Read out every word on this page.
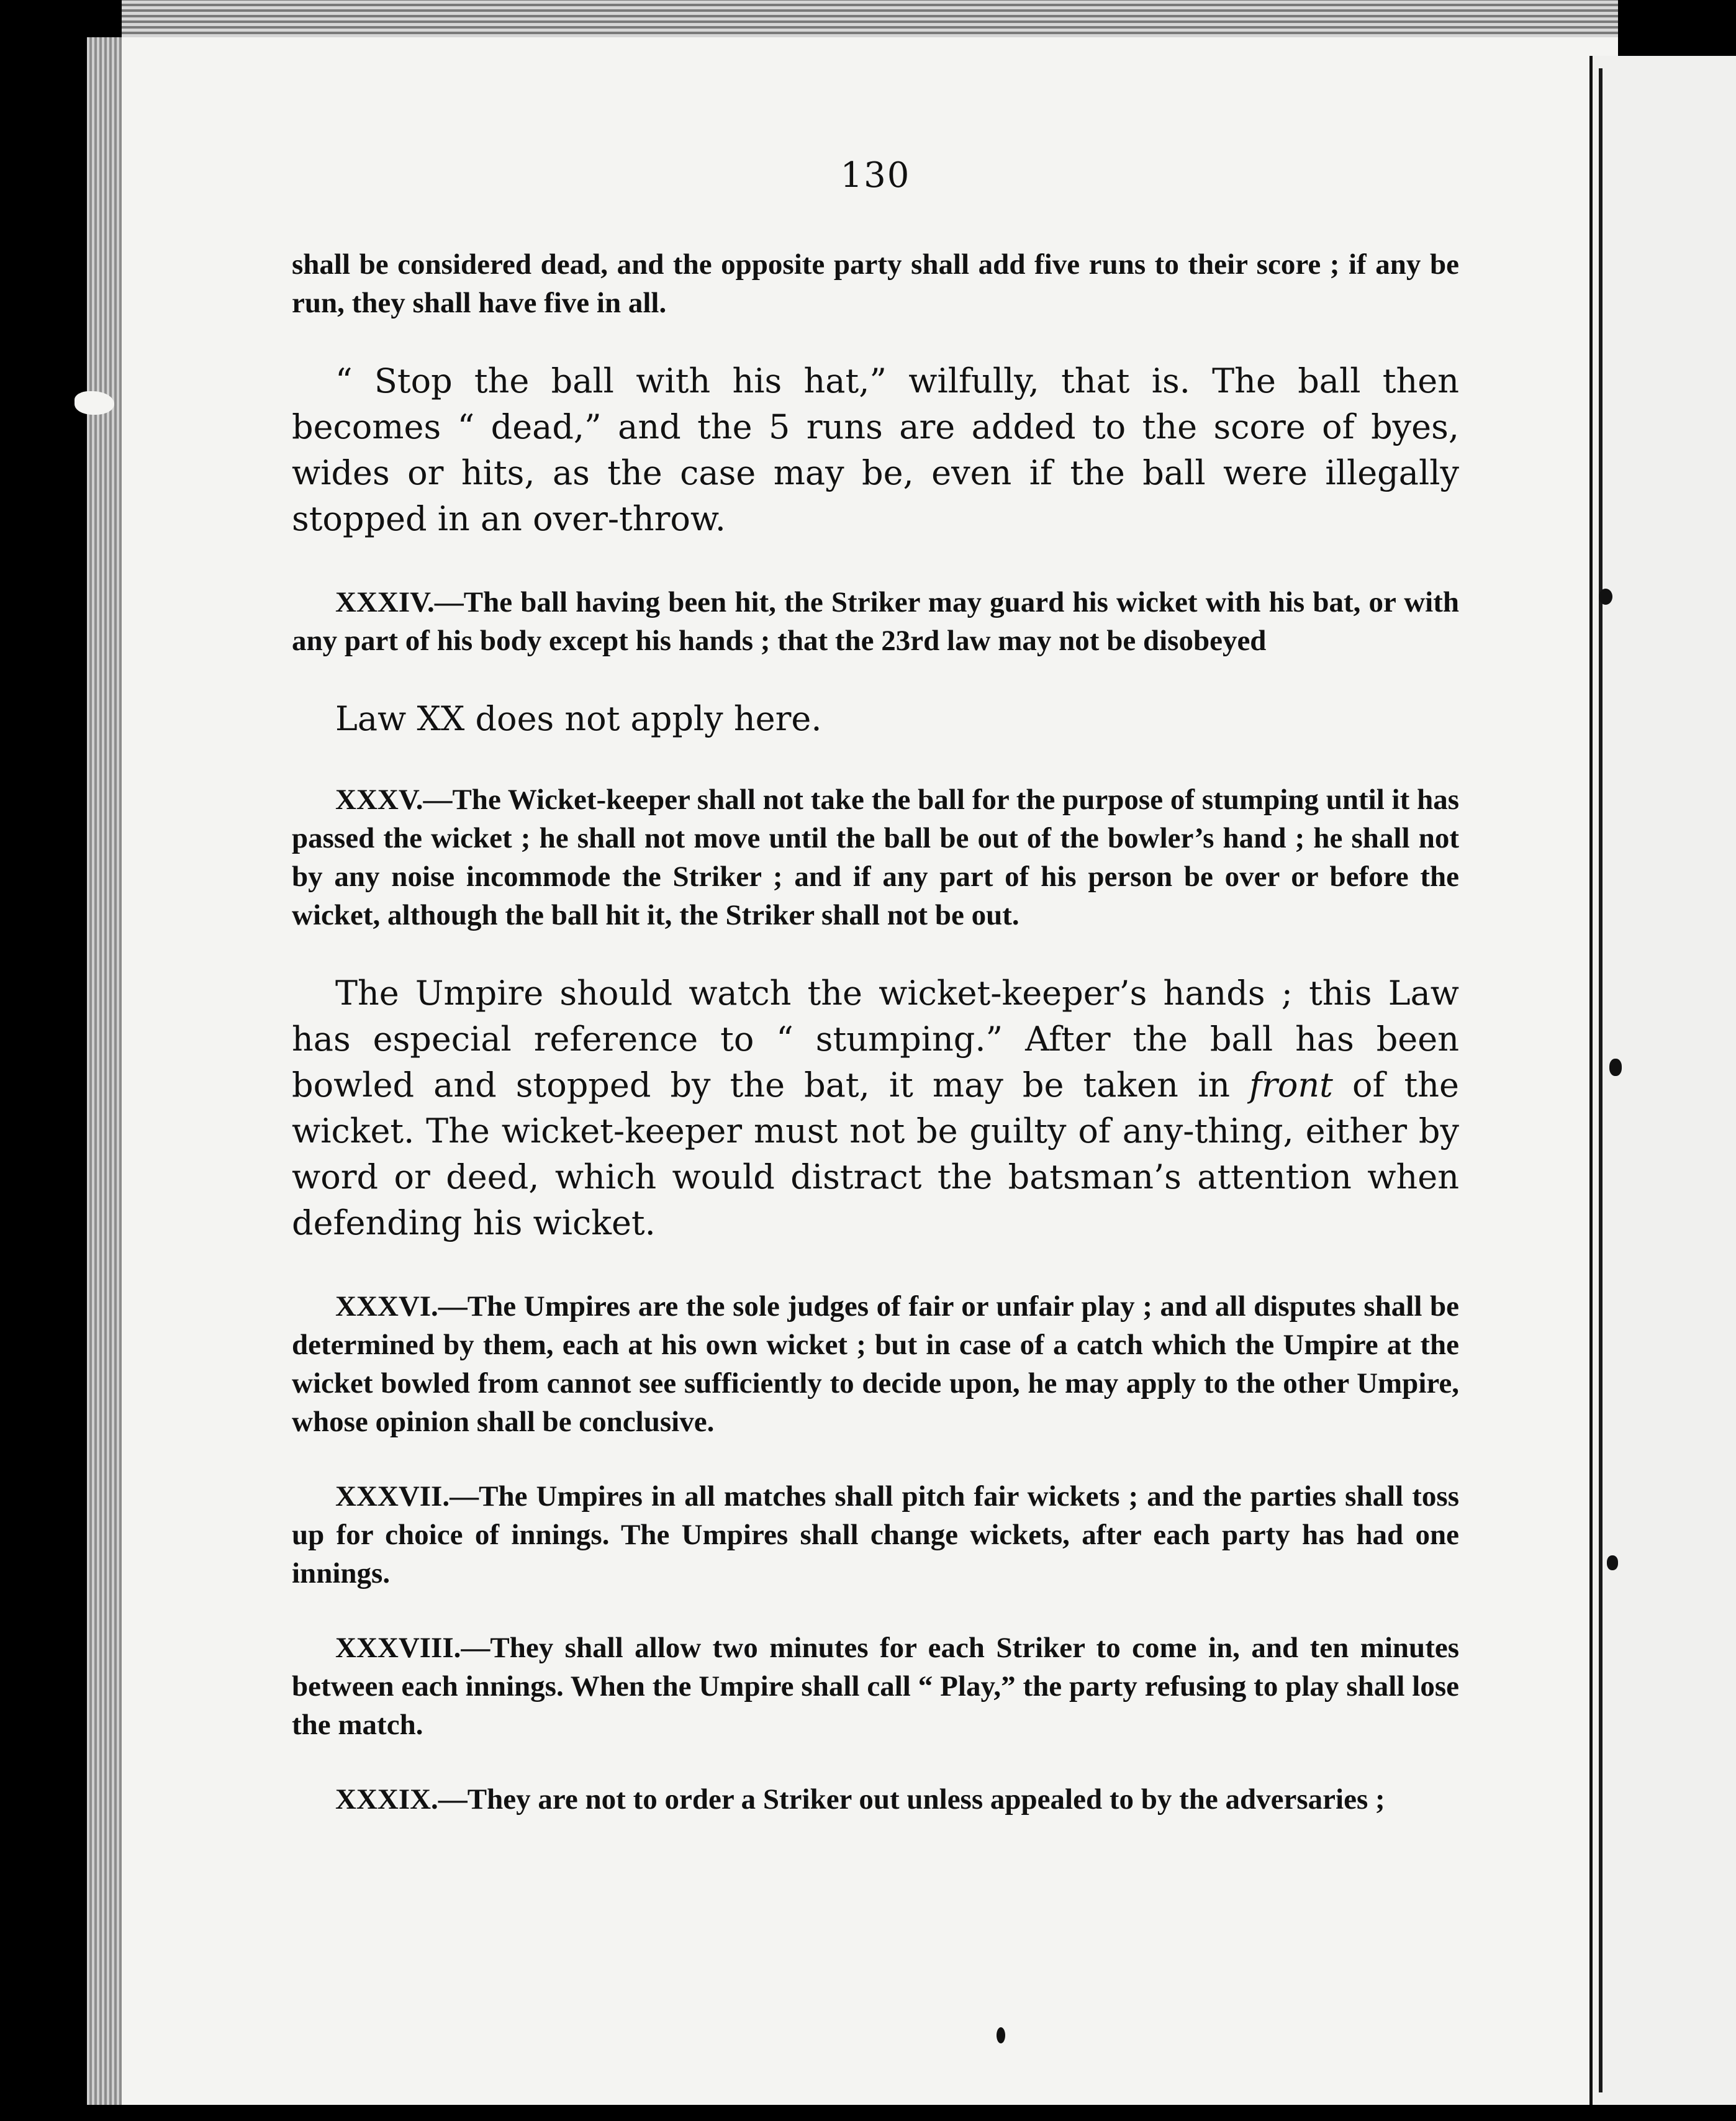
130

shall be considered dead, and the opposite party shall add five runs to their score ; if any be run, they shall have five in all.

“ Stop the ball with his hat,” wilfully, that is. The ball then becomes “ dead,” and the 5 runs are added to the score of byes, wides or hits, as the case may be, even if the ball were illegally stopped in an over-throw.

XXXIV.—The ball having been hit, the Striker may guard his wicket with his bat, or with any part of his body except his hands ; that the 23rd law may not be disobeyed

Law XX does not apply here.

XXXV.—The Wicket-keeper shall not take the ball for the purpose of stumping until it has passed the wicket ; he shall not move until the ball be out of the bowler’s hand ; he shall not by any noise incommode the Striker ; and if any part of his person be over or before the wicket, although the ball hit it, the Striker shall not be out.

The Umpire should watch the wicket-keeper’s hands ; this Law has especial reference to “ stumping.” After the ball has been bowled and stopped by the bat, it may be taken in front of the wicket. The wicket-keeper must not be guilty of any-thing, either by word or deed, which would distract the batsman’s attention when defending his wicket.

XXXVI.—The Umpires are the sole judges of fair or unfair play ; and all disputes shall be determined by them, each at his own wicket ; but in case of a catch which the Umpire at the wicket bowled from cannot see sufficiently to decide upon, he may apply to the other Umpire, whose opinion shall be conclusive.

XXXVII.—The Umpires in all matches shall pitch fair wickets ; and the parties shall toss up for choice of innings. The Umpires shall change wickets, after each party has had one innings.

XXXVIII.—They shall allow two minutes for each Striker to come in, and ten minutes between each innings. When the Umpire shall call “ Play,” the party refusing to play shall lose the match.

XXXIX.—They are not to order a Striker out unless appealed to by the adversaries ;
